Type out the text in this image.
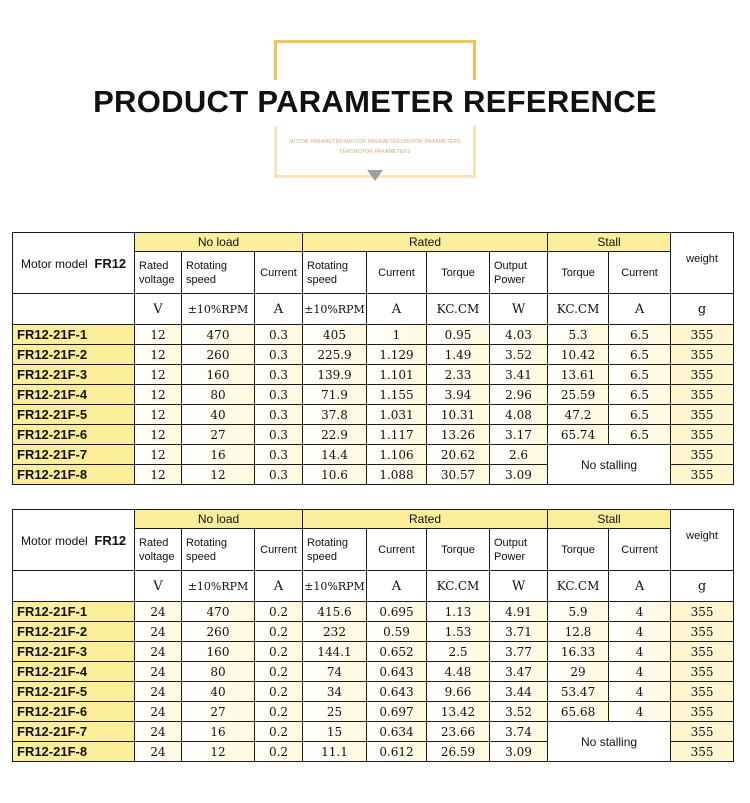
PRODUCT PARAMETER REFERENCE
MOTOR PARAMETERSMOTOR PARAMETERSMOTOR PARAMETERS
TERSMOTOR PARAMETERS
Motor model FR12	No load			Rated				Stall		weight
	Rated voltage	Rotating speed	Current	Rotating speed	Current	Torque	Output Power	Torque	Current	
	V	±10%RPM	A	±10%RPM	A	KC.CM	W	KC.CM	A	g
FR12-21F-1	12	470	0.3	405	1	0.95	4.03	5.3	6.5	355
FR12-21F-2	12	260	0.3	225.9	1.129	1.49	3.52	10.42	6.5	355
FR12-21F-3	12	160	0.3	139.9	1.101	2.33	3.41	13.61	6.5	355
FR12-21F-4	12	80	0.3	71.9	1.155	3.94	2.96	25.59	6.5	355
FR12-21F-5	12	40	0.3	37.8	1.031	10.31	4.08	47.2	6.5	355
FR12-21F-6	12	27	0.3	22.9	1.117	13.26	3.17	65.74	6.5	355
FR12-21F-7	12	16	0.3	14.4	1.106	20.62	2.6	No stalling		355
FR12-21F-8	12	12	0.3	10.6	1.088	30.57	3.09			355
Motor model FR12	No load			Rated				Stall		weight
	Rated voltage	Rotating speed	Current	Rotating speed	Current	Torque	Output Power	Torque	Current	
	V	±10%RPM	A	±10%RPM	A	KC.CM	W	KC.CM	A	g
FR12-21F-1	24	470	0.2	415.6	0.695	1.13	4.91	5.9	4	355
FR12-21F-2	24	260	0.2	232	0.59	1.53	3.71	12.8	4	355
FR12-21F-3	24	160	0.2	144.1	0.652	2.5	3.77	16.33	4	355
FR12-21F-4	24	80	0.2	74	0.643	4.48	3.47	29	4	355
FR12-21F-5	24	40	0.2	34	0.643	9.66	3.44	53.47	4	355
FR12-21F-6	24	27	0.2	25	0.697	13.42	3.52	65.68	4	355
FR12-21F-7	24	16	0.2	15	0.634	23.66	3.74	No stalling		355
FR12-21F-8	24	12	0.2	11.1	0.612	26.59	3.09			355
